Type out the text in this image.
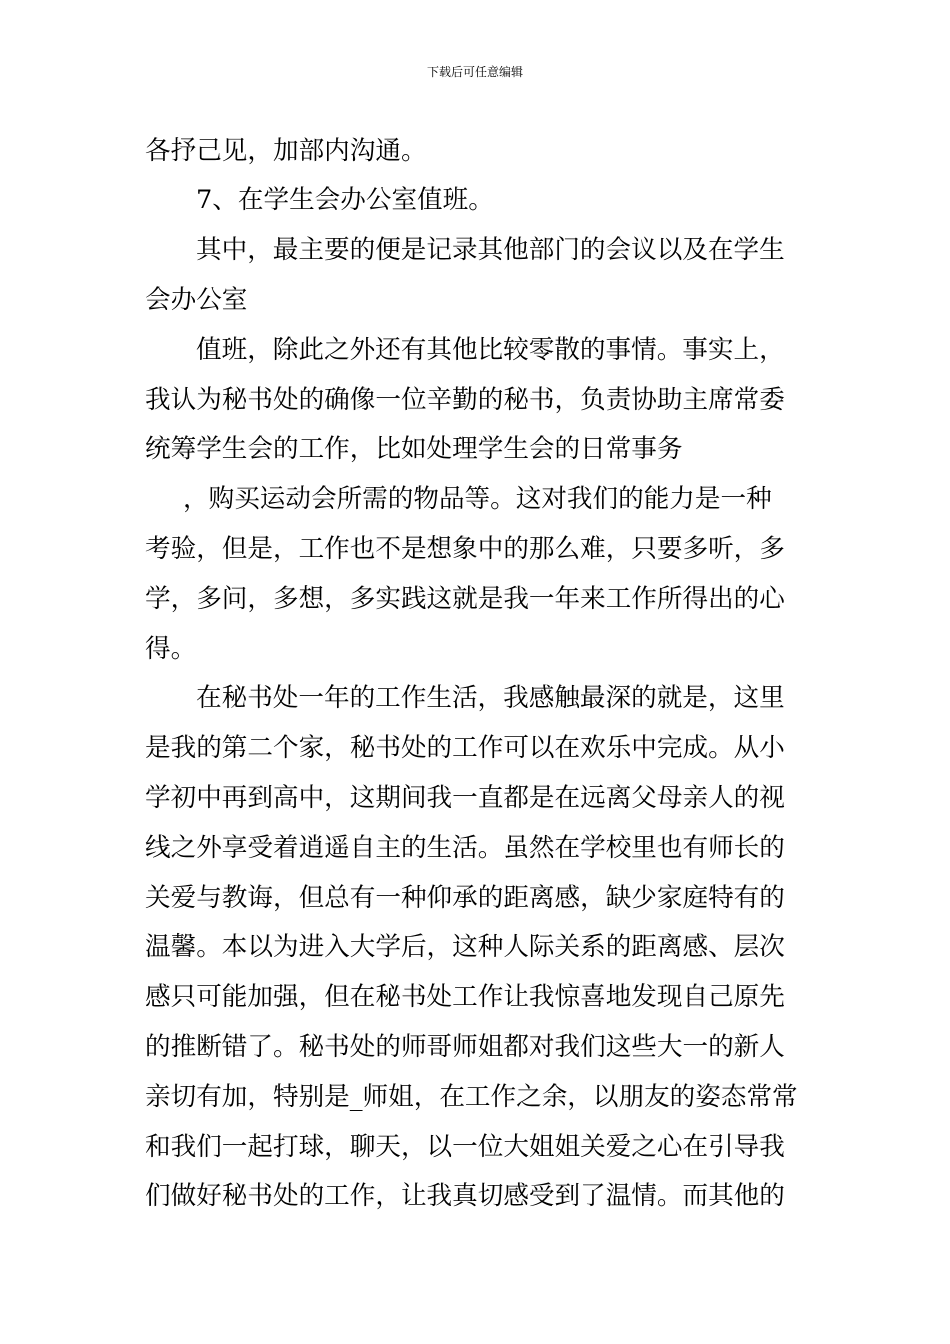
下载后可任意编辑
各抒己见，加部内沟通。
7、在学生会办公室值班。
其中，最主要的便是记录其他部门的会议以及在学生
会办公室
值班，除此之外还有其他比较零散的事情。事实上，
我认为秘书处的确像一位辛勤的秘书，负责协助主席常委
统筹学生会的工作，比如处理学生会的日常事务
，购买运动会所需的物品等。这对我们的能力是一种
考验，但是，工作也不是想象中的那么难，只要多听，多
学，多问，多想，多实践这就是我一年来工作所得出的心
得。
在秘书处一年的工作生活，我感触最深的就是，这里
是我的第二个家，秘书处的工作可以在欢乐中完成。从小
学初中再到高中，这期间我一直都是在远离父母亲人的视
线之外享受着逍遥自主的生活。虽然在学校里也有师长的
关爱与教诲，但总有一种仰承的距离感，缺少家庭特有的
温馨。本以为进入大学后，这种人际关系的距离感、层次
感只可能加强，但在秘书处工作让我惊喜地发现自己原先
的推断错了。秘书处的师哥师姐都对我们这些大一的新人
亲切有加，特别是_师姐，在工作之余，以朋友的姿态常常
和我们一起打球，聊天，以一位大姐姐关爱之心在引导我
们做好秘书处的工作，让我真切感受到了温情。而其他的
